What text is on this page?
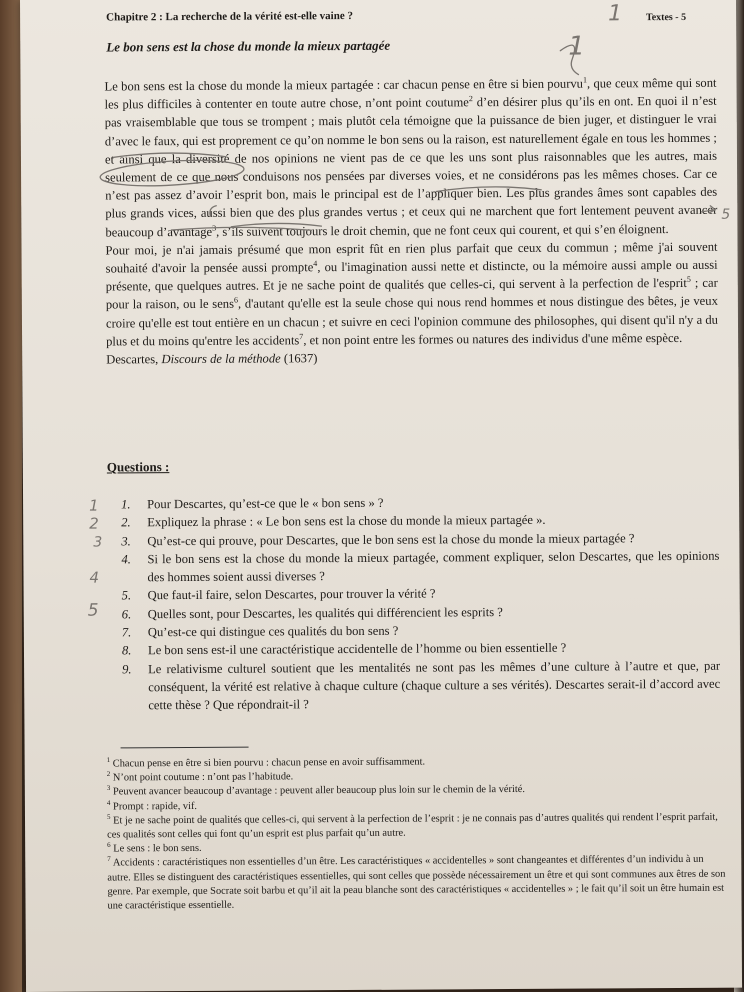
Chapitre 2 : La recherche de la vérité est-elle vaine ?	Textes - 5
Le bon sens est la chose du monde la mieux partagée

Le bon sens est la chose du monde la mieux partagée : car chacun pense en être si bien pourvu$^1$, que ceux même qui sont les plus difficiles à contenter en toute autre chose, n’ont point coutume$^2$ d’en désirer plus qu’ils en ont. En quoi il n’est pas vraisemblable que tous se trompent ; mais plutôt cela témoigne que la puissance de bien juger, et distinguer le vrai d’avec le faux, qui est proprement ce qu’on nomme le bon sens ou la raison, est naturellement égale en tous les hommes ; et ainsi que la diversité de nos opinions ne vient pas de ce que les uns sont plus raisonnables que les autres, mais seulement de ce que nous conduisons nos pensées par diverses voies, et ne considérons pas les mêmes choses. Car ce n’est pas assez d’avoir l’esprit bon, mais le principal est de l’appliquer bien. Les plus grandes âmes sont capables des plus grands vices, aussi bien que des plus grandes vertus ; et ceux qui ne marchent que fort lentement peuvent avancer beaucoup d’avantage$^3$, s’ils suivent toujours le droit chemin, que ne font ceux qui courent, et qui s’en éloignent.

Pour moi, je n'ai jamais présumé que mon esprit fût en rien plus parfait que ceux du commun ; même j'ai souvent souhaité d'avoir la pensée aussi prompte$^4$, ou l'imagination aussi nette et distincte, ou la mémoire aussi ample ou aussi présente, que quelques autres. Et je ne sache point de qualités que celles-ci, qui servent à la perfection de l'esprit$^5$ ; car pour la raison, ou le sens$^6$, d'autant qu'elle est la seule chose qui nous rend hommes et nous distingue des bêtes, je veux croire qu'elle est tout entière en un chacun ; et suivre en ceci l'opinion commune des philosophes, qui disent qu'il n'y a du plus et du moins qu'entre les accidents$^7$, et non point entre les formes ou natures des individus d'une même espèce.

Descartes, Discours de la méthode (1637)

Questions :
1. Pour Descartes, qu’est-ce que le « bon sens » ?
2. Expliquez la phrase : « Le bon sens est la chose du monde la mieux partagée ».
3. Qu’est-ce qui prouve, pour Descartes, que le bon sens est la chose du monde la mieux partagée ?
4. Si le bon sens est la chose du monde la mieux partagée, comment expliquer, selon Descartes, que les opinions des hommes soient aussi diverses ?
5. Que faut-il faire, selon Descartes, pour trouver la vérité ?
6. Quelles sont, pour Descartes, les qualités qui différencient les esprits ?
7. Qu’est-ce qui distingue ces qualités du bon sens ?
8. Le bon sens est-il une caractéristique accidentelle de l’homme ou bien essentielle ?
9. Le relativisme culturel soutient que les mentalités ne sont pas les mêmes d’une culture à l’autre et que, par conséquent, la vérité est relative à chaque culture (chaque culture a ses vérités). Descartes serait-il d’accord avec cette thèse ? Que répondrait-il ?

$^1$ Chacun pense en être si bien pourvu : chacun pense en avoir suffisamment.

$^2$ N’ont point coutume : n’ont pas l’habitude.

$^3$ Peuvent avancer beaucoup d’avantage : peuvent aller beaucoup plus loin sur le chemin de la vérité.

$^4$ Prompt : rapide, vif.

$^5$ Et je ne sache point de qualités que celles-ci, qui servent à la perfection de l’esprit : je ne connais pas d’autres qualités qui rendent l’esprit parfait, ces qualités sont celles qui font qu’un esprit est plus parfait qu’un autre.

$^6$ Le sens : le bon sens.

$^7$ Accidents : caractéristiques non essentielles d’un être. Les caractéristiques « accidentelles » sont changeantes et différentes d’un individu à un autre. Elles se distinguent des caractéristiques essentielles, qui sont celles que possède nécessairement un être et qui sont communes aux êtres de son genre. Par exemple, que Socrate soit barbu et qu’il ait la peau blanche sont des caractéristiques « accidentelles » ; le fait qu’il soit un être humain est une caractéristique essentielle.

1
1
5
1
2
3
4
5
